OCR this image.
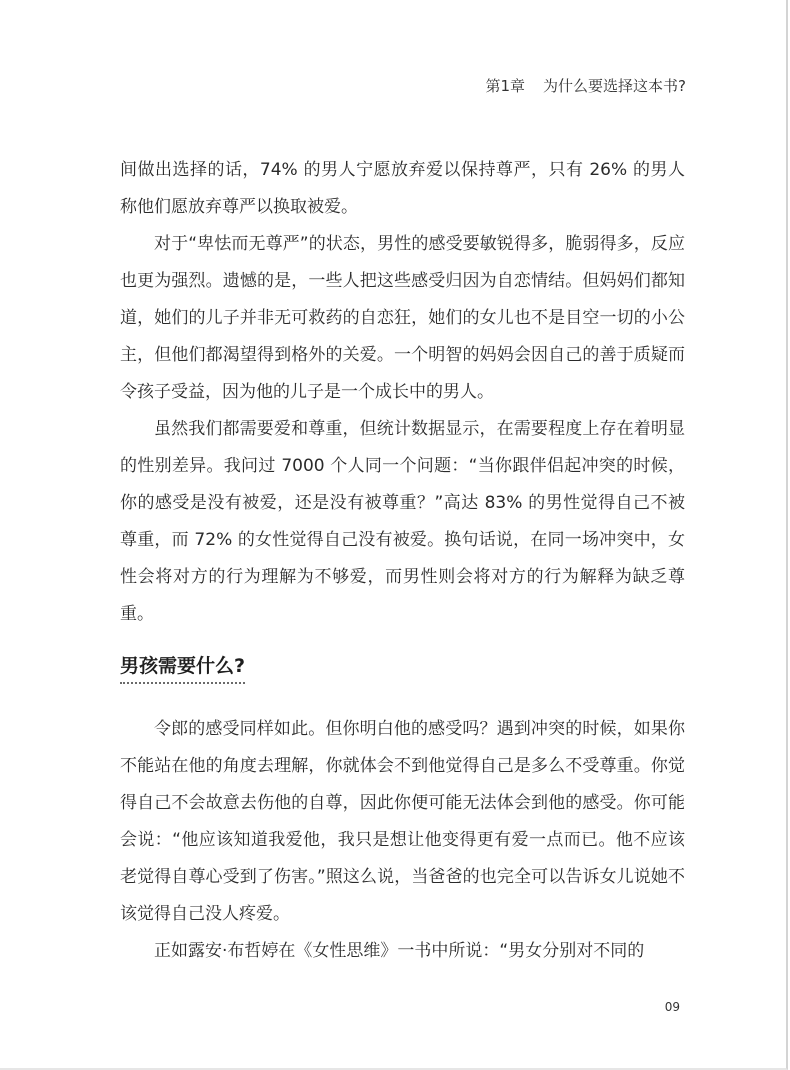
第1章 为什么要选择这本书?

间做出选择的话，74% 的男人宁愿放弃爱以保持尊严，只有 26% 的男人称他们愿放弃尊严以换取被爱。

对于“卑怯而无尊严”的状态，男性的感受要敏锐得多，脆弱得多，反应也更为强烈。遗憾的是，一些人把这些感受归因为自恋情结。但妈妈们都知道，她们的儿子并非无可救药的自恋狂，她们的女儿也不是目空一切的小公主，但他们都渴望得到格外的关爱。一个明智的妈妈会因自己的善于质疑而令孩子受益，因为他的儿子是一个成长中的男人。

虽然我们都需要爱和尊重，但统计数据显示，在需要程度上存在着明显的性别差异。我问过 7000 个人同一个问题：“当你跟伴侣起冲突的时候，你的感受是没有被爱，还是没有被尊重？”高达 83% 的男性觉得自己不被尊重，而 72% 的女性觉得自己没有被爱。换句话说，在同一场冲突中，女性会将对方的行为理解为不够爱，而男性则会将对方的行为解释为缺乏尊重。

男孩需要什么?

令郎的感受同样如此。但你明白他的感受吗？遇到冲突的时候，如果你不能站在他的角度去理解，你就体会不到他觉得自己是多么不受尊重。你觉得自己不会故意去伤他的自尊，因此你便可能无法体会到他的感受。你可能会说：“他应该知道我爱他，我只是想让他变得更有爱一点而已。他不应该老觉得自尊心受到了伤害。”照这么说，当爸爸的也完全可以告诉女儿说她不该觉得自己没人疼爱。

正如露安·布哲婷在《女性思维》一书中所说：“男女分别对不同的

09
